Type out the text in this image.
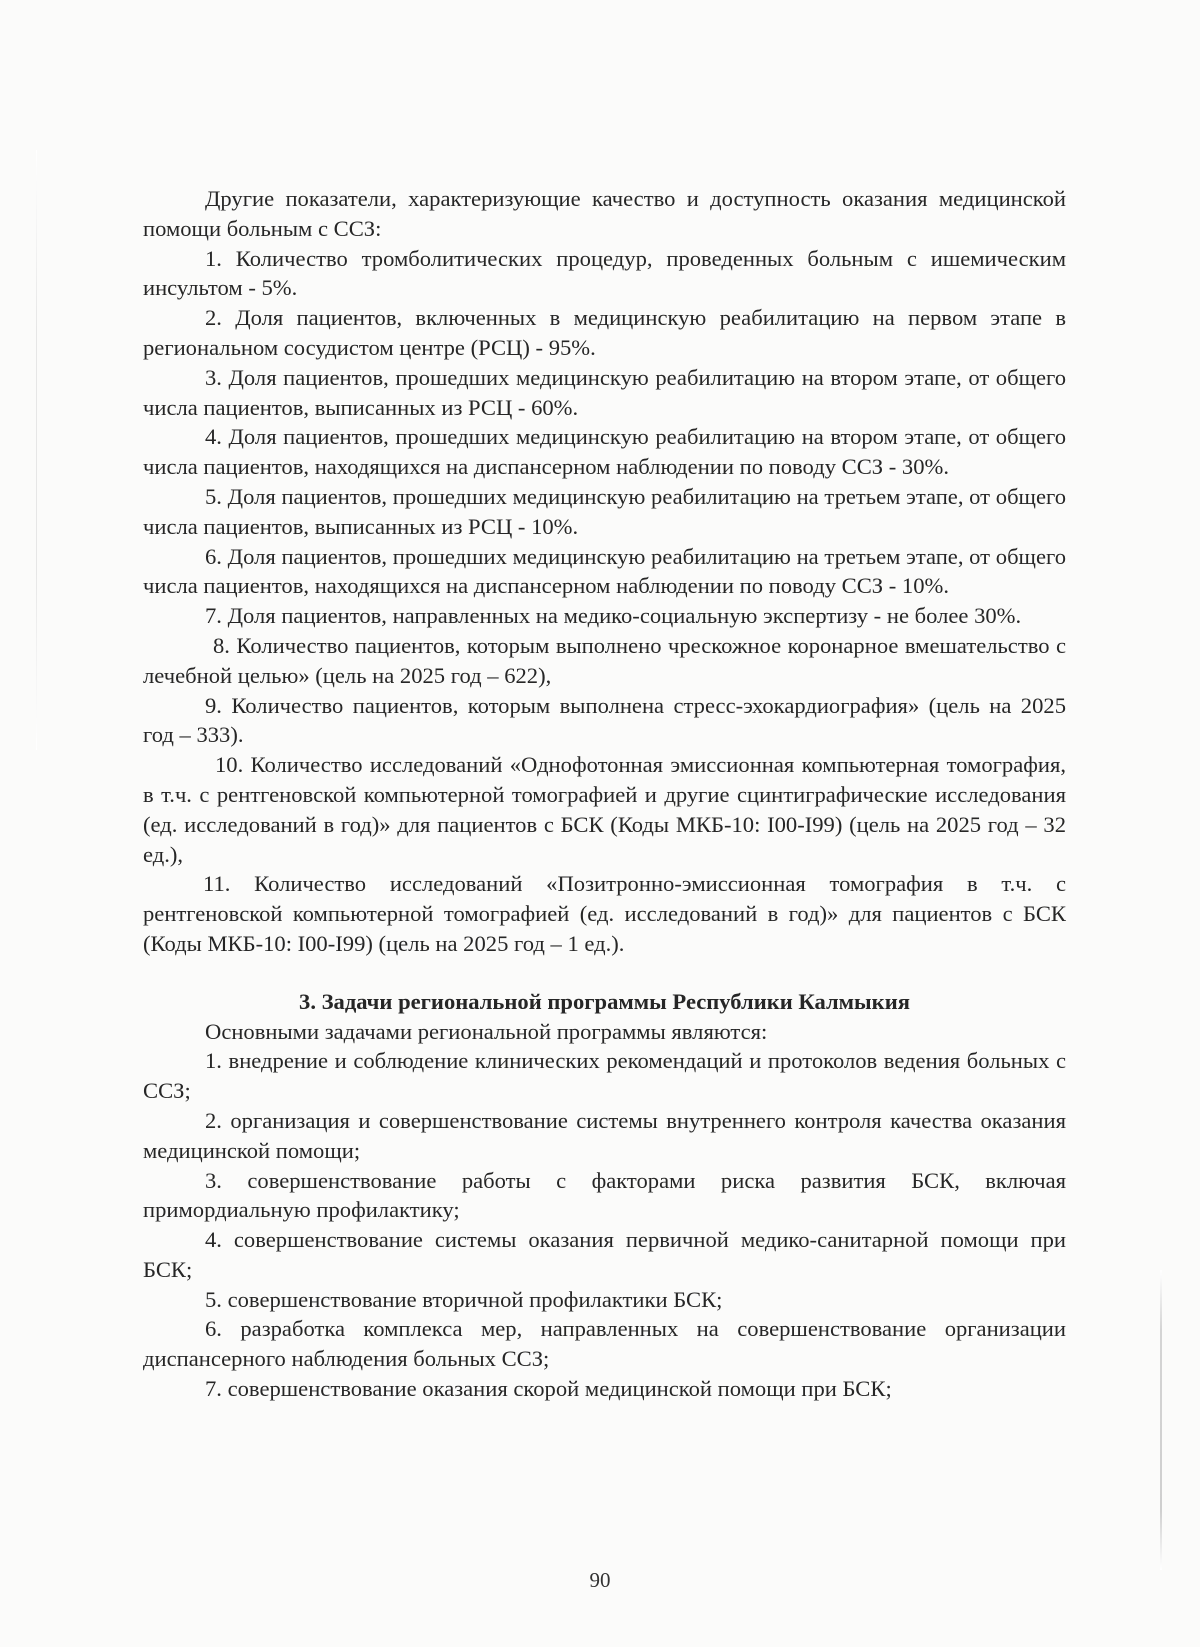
Другие показатели, характеризующие качество и доступность оказания медицинской помощи больным с ССЗ:

1. Количество тромболитических процедур, проведенных больным с ишемическим инсультом - 5%.

2. Доля пациентов, включенных в медицинскую реабилитацию на первом этапе в региональном сосудистом центре (РСЦ) - 95%.

3. Доля пациентов, прошедших медицинскую реабилитацию на втором этапе, от общего числа пациентов, выписанных из РСЦ - 60%.

4. Доля пациентов, прошедших медицинскую реабилитацию на втором этапе, от общего числа пациентов, находящихся на диспансерном наблюдении по поводу ССЗ - 30%.

5. Доля пациентов, прошедших медицинскую реабилитацию на третьем этапе, от общего числа пациентов, выписанных из РСЦ - 10%.

6. Доля пациентов, прошедших медицинскую реабилитацию на третьем этапе, от общего числа пациентов, находящихся на диспансерном наблюдении по поводу ССЗ - 10%.

7. Доля пациентов, направленных на медико-социальную экспертизу - не более 30%.

8. Количество пациентов, которым выполнено чрескожное коронарное вмешательство с лечебной целью» (цель на 2025 год – 622),

9. Количество пациентов, которым выполнена стресс-эхокардиография» (цель на 2025 год – 333).

10. Количество исследований «Однофотонная эмиссионная компьютерная томография, в т.ч. с рентгеновской компьютерной томографией и другие сцинтиграфические исследования (ед. исследований в год)» для пациентов с БСК (Коды МКБ-10: I00-I99) (цель на 2025 год – 32 ед.),

11. Количество исследований «Позитронно-эмиссионная томография в т.ч. с рентгеновской компьютерной томографией (ед. исследований в год)» для пациентов с БСК (Коды МКБ-10: I00-I99) (цель на 2025 год – 1 ед.).

3. Задачи региональной программы Республики Калмыкия

Основными задачами региональной программы являются:

1. внедрение и соблюдение клинических рекомендаций и протоколов ведения больных с ССЗ;

2. организация и совершенствование системы внутреннего контроля качества оказания медицинской помощи;

3. совершенствование работы с факторами риска развития БСК, включая примордиальную профилактику;

4. совершенствование системы оказания первичной медико-санитарной помощи при БСК;

5. совершенствование вторичной профилактики БСК;

6. разработка комплекса мер, направленных на совершенствование организации диспансерного наблюдения больных ССЗ;

7. совершенствование оказания скорой медицинской помощи при БСК;

90
